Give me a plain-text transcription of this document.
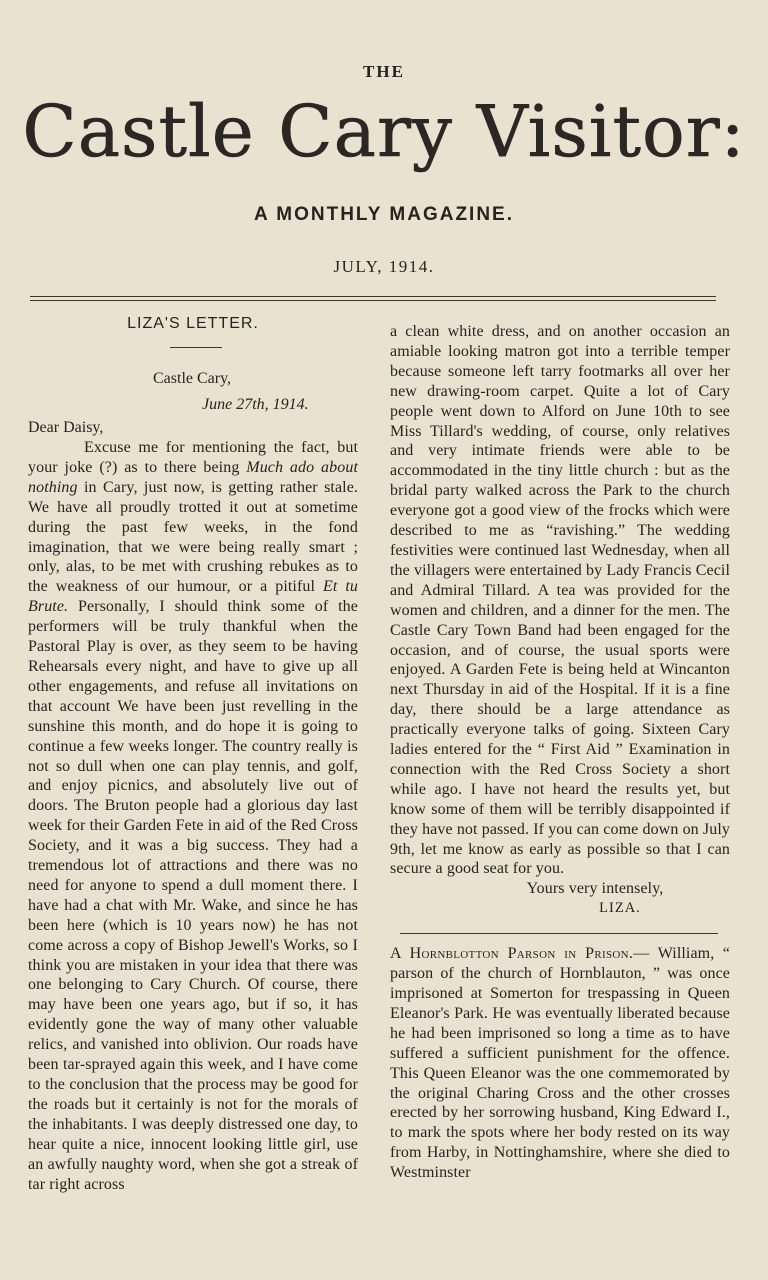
THE
Castle Cary Visitor:
A MONTHLY MAGAZINE.
JULY, 1914.
LIZA'S LETTER.
Castle Cary,
June 27th, 1914.
Dear Daisy,

Excuse me for mentioning the fact, but your joke (?) as to there being Much ado about nothing in Cary, just now, is getting rather stale. We have all proudly trotted it out at sometime during the past few weeks, in the fond imagination, that we were being really smart ; only, alas, to be met with crushing rebukes as to the weakness of our humour, or a pitiful Et tu Brute. Personally, I should think some of the performers will be truly thankful when the Pastoral Play is over, as they seem to be having Rehearsals every night, and have to give up all other engagements, and refuse all invitations on that account We have been just revelling in the sunshine this month, and do hope it is going to continue a few weeks longer. The country really is not so dull when one can play tennis, and golf, and enjoy picnics, and absolutely live out of doors. The Bruton people had a glorious day last week for their Garden Fete in aid of the Red Cross Society, and it was a big success. They had a tremendous lot of attractions and there was no need for anyone to spend a dull moment there. I have had a chat with Mr. Wake, and since he has been here (which is 10 years now) he has not come across a copy of Bishop Jewell's Works, so I think you are mistaken in your idea that there was one belonging to Cary Church. Of course, there may have been one years ago, but if so, it has evidently gone the way of many other valuable relics, and vanished into oblivion. Our roads have been tar-sprayed again this week, and I have come to the conclusion that the process may be good for the roads but it certainly is not for the morals of the inhabitants. I was deeply distressed one day, to hear quite a nice, innocent looking little girl, use an awfully naughty word, when she got a streak of tar right across

a clean white dress, and on another occasion an amiable looking matron got into a terrible temper because someone left tarry footmarks all over her new drawing-room carpet. Quite a lot of Cary people went down to Alford on June 10th to see Miss Tillard's wedding, of course, only relatives and very intimate friends were able to be accommodated in the tiny little church : but as the bridal party walked across the Park to the church everyone got a good view of the frocks which were described to me as “ravishing.” The wedding festivities were continued last Wednesday, when all the villagers were entertained by Lady Francis Cecil and Admiral Tillard. A tea was provided for the women and children, and a dinner for the men. The Castle Cary Town Band had been engaged for the occasion, and of course, the usual sports were enjoyed. A Garden Fete is being held at Wincanton next Thursday in aid of the Hospital. If it is a fine day, there should be a large attendance as practically everyone talks of going. Sixteen Cary ladies entered for the “ First Aid ” Examination in connection with the Red Cross Society a short while ago. I have not heard the results yet, but know some of them will be terribly disappointed if they have not passed. If you can come down on July 9th, let me know as early as possible so that I can secure a good seat for you.

Yours very intensely,

LIZA.

A Hornblotton Parson in Prison.— William, “ parson of the church of Hornblauton, ” was once imprisoned at Somerton for trespassing in Queen Eleanor's Park. He was eventually liberated because he had been imprisoned so long a time as to have suffered a sufficient punishment for the offence. This Queen Eleanor was the one commemorated by the original Charing Cross and the other crosses erected by her sorrowing husband, King Edward I., to mark the spots where her body rested on its way from Harby, in Nottinghamshire, where she died to Westminster
